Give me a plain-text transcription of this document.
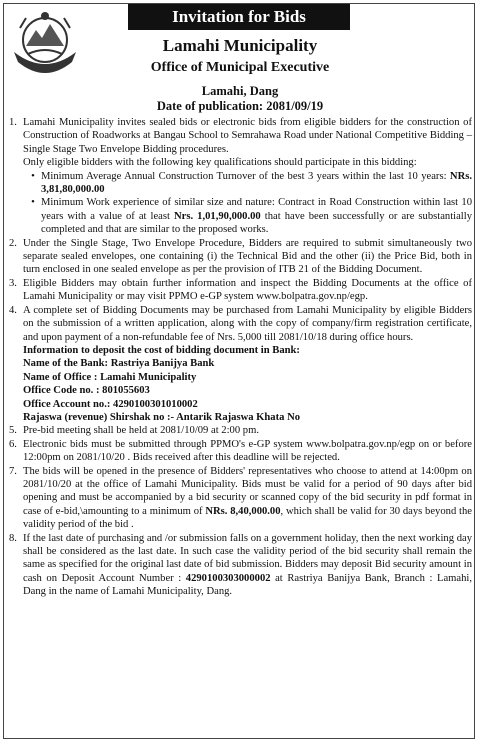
Invitation for Bids
Lamahi Municipality
Office of Municipal Executive
Lamahi, Dang
Date of publication: 2081/09/19
1. Lamahi Municipality invites sealed bids or electronic bids from eligible bidders for the construction of Construction of Roadworks at Bangau School to Semrahawa Road under National Competitive Bidding – Single Stage Two Envelope Bidding procedures.

Only eligible bidders with the following key qualifications should participate in this bidding:

• Minimum Average Annual Construction Turnover of the best 3 years within the last 10 years: NRs. 3,81,80,000.00

• Minimum Work experience of similar size and nature: Contract in Road Construction within last 10 years with a value of at least Nrs. 1,01,90,000.00 that have been successfully or are substantially completed and that are similar to the proposed works.

2. Under the Single Stage, Two Envelope Procedure, Bidders are required to submit simultaneously two separate sealed envelopes, one containing (i) the Technical Bid and the other (ii) the Price Bid, both in turn enclosed in one sealed envelope as per the provision of ITB 21 of the Bidding Document.

3. Eligible Bidders may obtain further information and inspect the Bidding Documents at the office of Lamahi Municipality or may visit PPMO e-GP system www.bolpatra.gov.np/egp.

4. A complete set of Bidding Documents may be purchased from Lamahi Municipality by eligible Bidders on the submission of a written application, along with the copy of company/firm registration certificate, and upon payment of a non-refundable fee of Nrs. 5,000 till 2081/10/18 during office hours.

Information to deposit the cost of bidding document in Bank:

Name of the Bank: Rastriya Banijya Bank

Name of Office : Lamahi Municipality

Office Code no. : 801055603

Office Account no.: 4290100301010002

Rajaswa (revenue) Shirshak no :- Antarik Rajaswa Khata No

5. Pre-bid meeting shall be held at 2081/10/09 at 2:00 pm.

6. Electronic bids must be submitted through PPMO's e-GP system www.bolpatra.gov.np/egp on or before 12:00pm on 2081/10/20 . Bids received after this deadline will be rejected.

7. The bids will be opened in the presence of Bidders' representatives who choose to attend at 14:00pm on 2081/10/20 at the office of Lamahi Municipality. Bids must be valid for a period of 90 days after bid opening and must be accompanied by a bid security or scanned copy of the bid security in pdf format in case of e-bid,\amounting to a minimum of NRs. 8,40,000.00, which shall be valid for 30 days beyond the validity period of the bid .

8. If the last date of purchasing and /or submission falls on a government holiday, then the next working day shall be considered as the last date. In such case the validity period of the bid security shall remain the same as specified for the original last date of bid submission. Bidders may deposit Bid security amount in cash on Deposit Account Number : 4290100303000002 at Rastriya Banijya Bank, Branch : Lamahi, Dang in the name of Lamahi Municipality, Dang.
